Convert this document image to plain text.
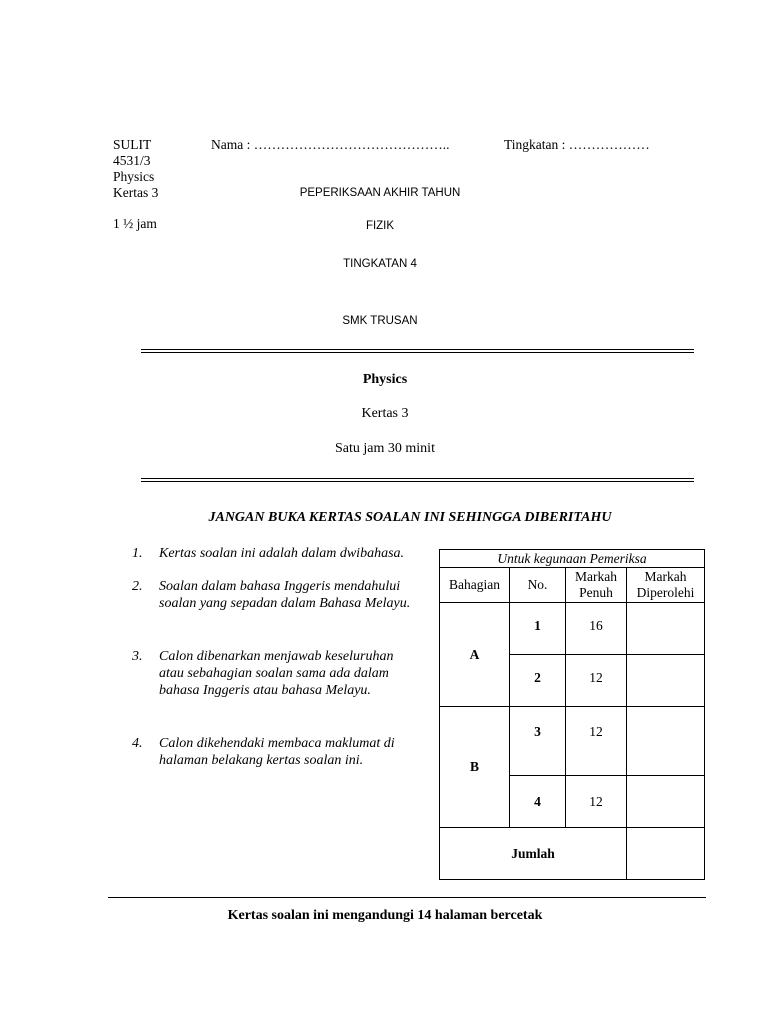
SULIT
4531/3
Physics
Kertas 3
1 ½ jam
Nama : ……………………………………..	Tingkatan : ………………
PEPERIKSAAN AKHIR TAHUN
FIZIK
TINGKATAN 4
SMK TRUSAN
Physics
Kertas 3
Satu jam 30 minit
JANGAN BUKA KERTAS SOALAN INI SEHINGGA DIBERITAHU
1. Kertas soalan ini adalah dalam dwibahasa.
2. Soalan dalam bahasa Inggeris mendahului soalan yang sepadan dalam Bahasa Melayu.
3. Calon dibenarkan menjawab keseluruhan atau sebahagian soalan sama ada dalam bahasa Inggeris atau bahasa Melayu.
4. Calon dikehendaki membaca maklumat di halaman belakang kertas soalan ini.
Untuk kegunaan Pemeriksa			
Bahagian	No.	Markah Penuh	Markah Diperolehi
A	1	16	
	2	12	
B	3	12	
	4	12	
Jumlah			
Kertas soalan ini mengandungi 14 halaman bercetak
